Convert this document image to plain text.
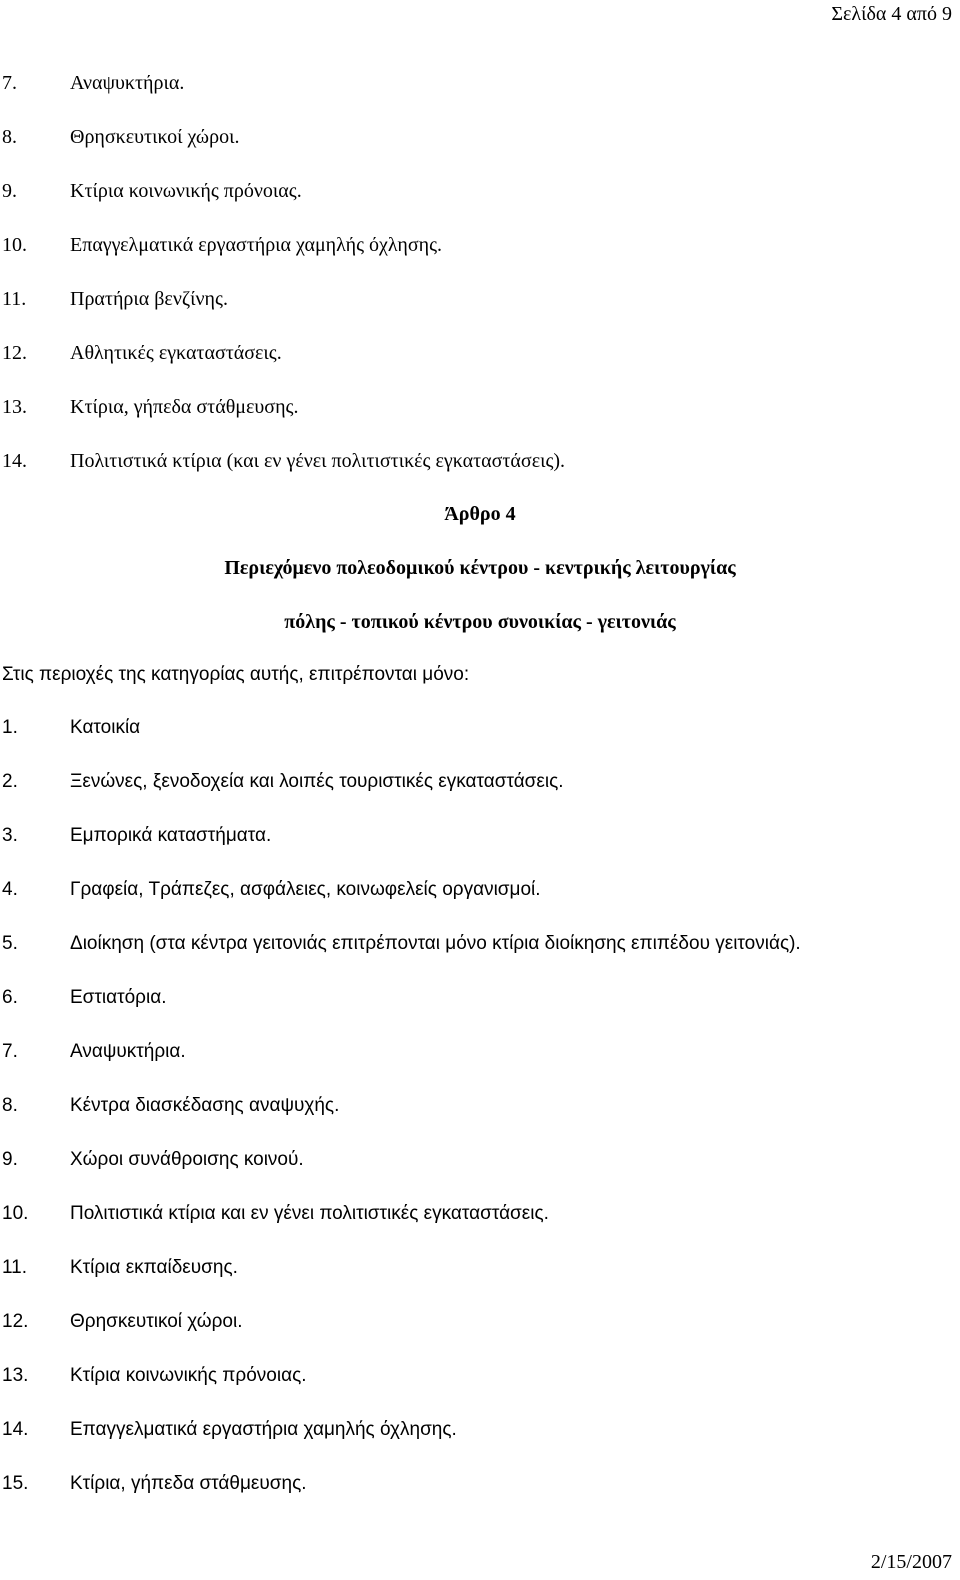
Σελίδα 4 από 9
7.	Αναψυκτήρια.
8.	Θρησκευτικοί χώροι.
9.	Κτίρια κοινωνικής πρόνοιας.
10.	Επαγγελματικά εργαστήρια χαμηλής όχλησης.
11.	Πρατήρια βενζίνης.
12.	Αθλητικές εγκαταστάσεις.
13.	Κτίρια, γήπεδα στάθμευσης.
14.	Πολιτιστικά κτίρια (και εν γένει πολιτιστικές εγκαταστάσεις).
Άρθρο 4
Περιεχόμενο πολεοδομικού κέντρου - κεντρικής λειτουργίας
πόλης - τοπικού κέντρου συνοικίας - γειτονιάς
Στις περιοχές της κατηγορίας αυτής, επιτρέπονται μόνο:
1.	Κατοικία
2.	Ξενώνες, ξενοδοχεία και λοιπές τουριστικές εγκαταστάσεις.
3.	Εμπορικά καταστήματα.
4.	Γραφεία, Τράπεζες, ασφάλειες, κοινωφελείς οργανισμοί.
5.	Διοίκηση (στα κέντρα γειτονιάς επιτρέπονται μόνο κτίρια διοίκησης επιπέδου γειτονιάς).
6.	Εστιατόρια.
7.	Αναψυκτήρια.
8.	Κέντρα διασκέδασης αναψυχής.
9.	Χώροι συνάθροισης κοινού.
10.	Πολιτιστικά κτίρια και εν γένει πολιτιστικές εγκαταστάσεις.
11.	Κτίρια εκπαίδευσης.
12.	Θρησκευτικοί χώροι.
13.	Κτίρια κοινωνικής πρόνοιας.
14.	Επαγγελματικά εργαστήρια χαμηλής όχλησης.
15.	Κτίρια, γήπεδα στάθμευσης.
2/15/2007
